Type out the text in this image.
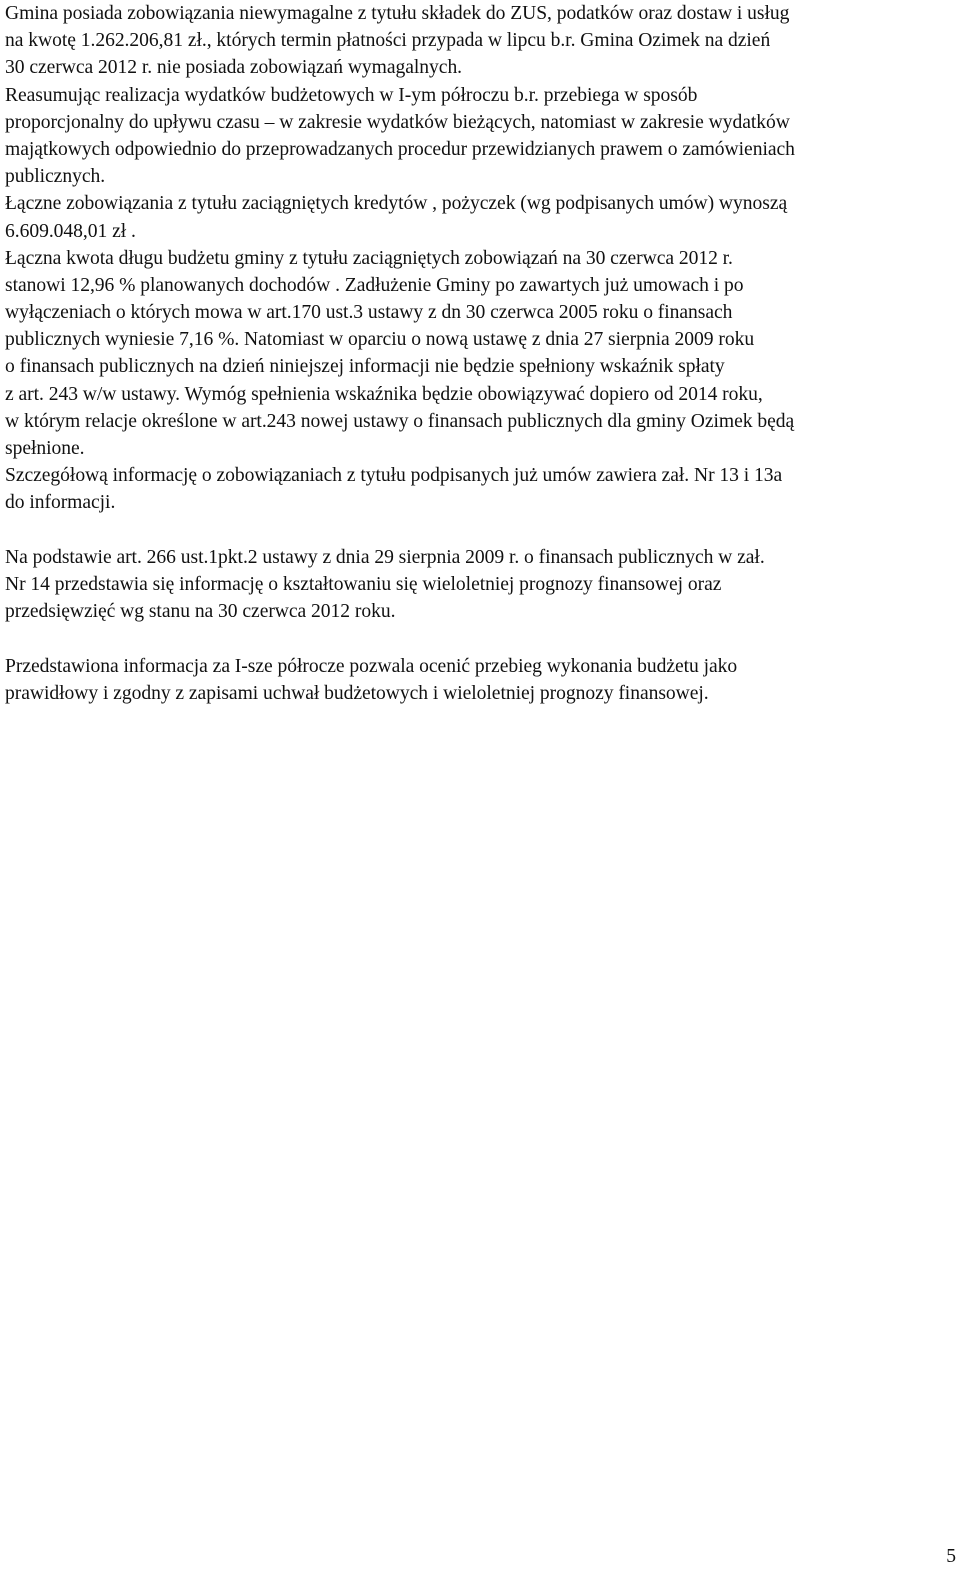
Gmina posiada zobowiązania niewymagalne z tytułu składek do ZUS, podatków oraz dostaw i usług
na kwotę 1.262.206,81 zł., których termin płatności przypada w lipcu b.r. Gmina Ozimek na dzień
30 czerwca 2012 r. nie posiada zobowiązań wymagalnych.
Reasumując realizacja wydatków budżetowych w I-ym półroczu b.r. przebiega w sposób
proporcjonalny do upływu czasu – w zakresie wydatków bieżących, natomiast w zakresie wydatków
majątkowych odpowiednio do przeprowadzanych procedur przewidzianych prawem o zamówieniach
publicznych.
Łączne zobowiązania z tytułu zaciągniętych kredytów , pożyczek (wg podpisanych umów) wynoszą
6.609.048,01 zł .
Łączna kwota długu budżetu gminy z tytułu zaciągniętych zobowiązań na 30 czerwca 2012 r.
stanowi 12,96 % planowanych dochodów . Zadłużenie Gminy po zawartych już umowach i po
wyłączeniach o których mowa w art.170 ust.3 ustawy z dn 30 czerwca 2005 roku o finansach
publicznych wyniesie 7,16 %. Natomiast w oparciu o nową ustawę z dnia 27 sierpnia 2009 roku
o finansach publicznych na dzień niniejszej informacji nie będzie spełniony wskaźnik spłaty
z art. 243 w/w ustawy. Wymóg spełnienia wskaźnika będzie obowiązywać dopiero od 2014 roku,
w którym relacje określone w art.243 nowej ustawy o finansach publicznych dla gminy Ozimek będą
spełnione.
Szczegółową informację o zobowiązaniach z tytułu podpisanych już umów zawiera zał. Nr 13 i 13a
do informacji.
Na podstawie art. 266 ust.1pkt.2 ustawy z dnia 29 sierpnia 2009 r. o finansach publicznych w zał.
Nr 14 przedstawia się informację o kształtowaniu się wieloletniej prognozy finansowej oraz
przedsięwzięć wg stanu na 30 czerwca 2012 roku.
Przedstawiona informacja za I-sze półrocze pozwala ocenić przebieg wykonania budżetu jako
prawidłowy i zgodny z zapisami uchwał budżetowych i wieloletniej prognozy finansowej.
5
